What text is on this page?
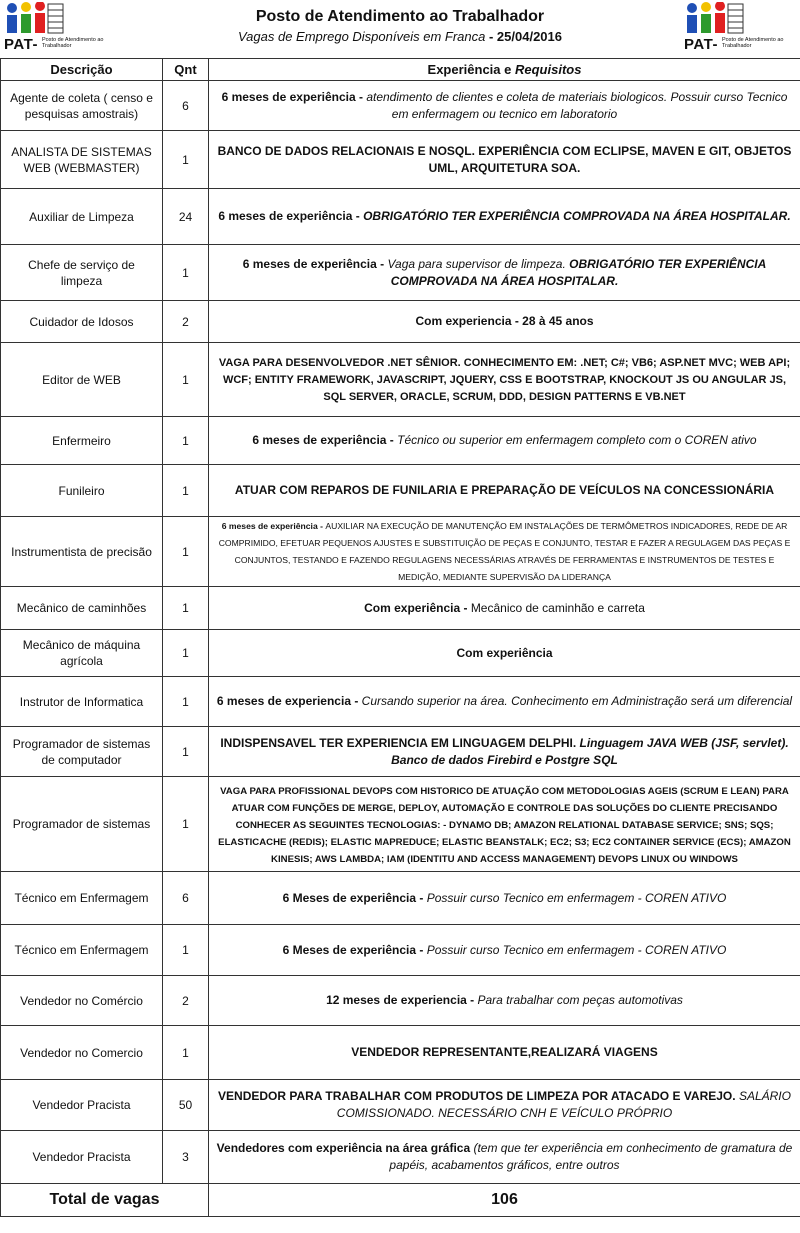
PAT- Posto de Atendimento ao Trabalhador
Posto de Atendimento ao Trabalhador
Vagas de Emprego Disponíveis em Franca - 25/04/2016	PAT- Posto de Atendimento ao Trabalhador
Descrição	Qnt	Experiência e Requisitos
Agente de coleta ( censo e pesquisas amostrais)	6	6 meses de experiência - atendimento de clientes e coleta de materiais biologicos. Possuir curso Tecnico em enfermagem ou tecnico em laboratorio
ANALISTA DE SISTEMAS WEB (WEBMASTER)	1	BANCO DE DADOS RELACIONAIS E NOSQL. EXPERIÊNCIA COM ECLIPSE, MAVEN E GIT, OBJETOS UML, ARQUITETURA SOA.
Auxiliar de Limpeza	24	6 meses de experiência - OBRIGATÓRIO TER EXPERIÊNCIA COMPROVADA NA ÁREA HOSPITALAR.
Chefe de serviço de limpeza	1	6 meses de experiência - Vaga para supervisor de limpeza. OBRIGATÓRIO TER EXPERIÊNCIA COMPROVADA NA ÁREA HOSPITALAR.
Cuidador de Idosos	2	Com experiencia - 28 à 45 anos
Editor de WEB	1	VAGA PARA DESENVOLVEDOR .NET SÊNIOR. CONHECIMENTO EM: .NET; C#; VB6; ASP.NET MVC; WEB API; WCF; ENTITY FRAMEWORK, JAVASCRIPT, JQUERY, CSS E BOOTSTRAP, KNOCKOUT JS OU ANGULAR JS, SQL SERVER, ORACLE, SCRUM, DDD, DESIGN PATTERNS E VB.NET
Enfermeiro	1	6 meses de experiência - Técnico ou superior em enfermagem completo com o COREN ativo
Funileiro	1	ATUAR COM REPAROS DE FUNILARIA E PREPARAÇÃO DE VEÍCULOS NA CONCESSIONÁRIA
Instrumentista de precisão	1	6 meses de experiência - AUXILIAR NA EXECUÇÃO DE MANUTENÇÃO EM INSTALAÇÕES DE TERMÔMETROS INDICADORES, REDE DE AR COMPRIMIDO, EFETUAR PEQUENOS AJUSTES E SUBSTITUIÇÃO DE PEÇAS E CONJUNTO, TESTAR E FAZER A REGULAGEM DAS PEÇAS E CONJUNTOS, TESTANDO E FAZENDO REGULAGENS NECESSÁRIAS ATRAVÉS DE FERRAMENTAS E INSTRUMENTOS DE TESTES E MEDIÇÃO, MEDIANTE SUPERVISÃO DA LIDERANÇA
Mecânico de caminhões	1	Com experiência - Mecânico de caminhão e carreta
Mecânico de máquina agrícola	1	Com experiência
Instrutor de Informatica	1	6 meses de experiencia - Cursando superior na área. Conhecimento em Administração será um diferencial
Programador de sistemas de computador	1	INDISPENSAVEL TER EXPERIENCIA EM LINGUAGEM DELPHI. Linguagem JAVA WEB (JSF, servlet). Banco de dados Firebird e Postgre SQL
Programador de sistemas	1	VAGA PARA PROFISSIONAL DEVOPS COM HISTORICO DE ATUAÇÃO COM METODOLOGIAS AGEIS (SCRUM E LEAN) PARA ATUAR COM FUNÇÕES DE MERGE, DEPLOY, AUTOMAÇÃO E CONTROLE DAS SOLUÇÕES DO CLIENTE PRECISANDO CONHECER AS SEGUINTES TECNOLOGIAS: - DYNAMO DB; AMAZON RELATIONAL DATABASE SERVICE; SNS; SQS; ELASTICACHE (REDIS); ELASTIC MAPREDUCE; ELASTIC BEANSTALK; EC2; S3; EC2 CONTAINER SERVICE (ECS); AMAZON KINESIS; AWS LAMBDA; IAM (IDENTITU AND ACCESS MANAGEMENT) DEVOPS LINUX OU WINDOWS
Técnico em Enfermagem	6	6 Meses de experiência - Possuir curso Tecnico em enfermagem - COREN ATIVO
Técnico em Enfermagem	1	6 Meses de experiência - Possuir curso Tecnico em enfermagem - COREN ATIVO
Vendedor no Comércio	2	12 meses de experiencia - Para trabalhar com peças automotivas
Vendedor no Comercio	1	VENDEDOR REPRESENTANTE,REALIZARÁ VIAGENS
Vendedor Pracista	50	VENDEDOR PARA TRABALHAR COM PRODUTOS DE LIMPEZA POR ATACADO E VAREJO. SALÁRIO COMISSIONADO. NECESSÁRIO CNH E VEÍCULO PRÓPRIO
Vendedor Pracista	3	Vendedores com experiência na área gráfica (tem que ter experiência em conhecimento de gramatura de papéis, acabamentos gráficos, entre outros
Total de vagas		106
